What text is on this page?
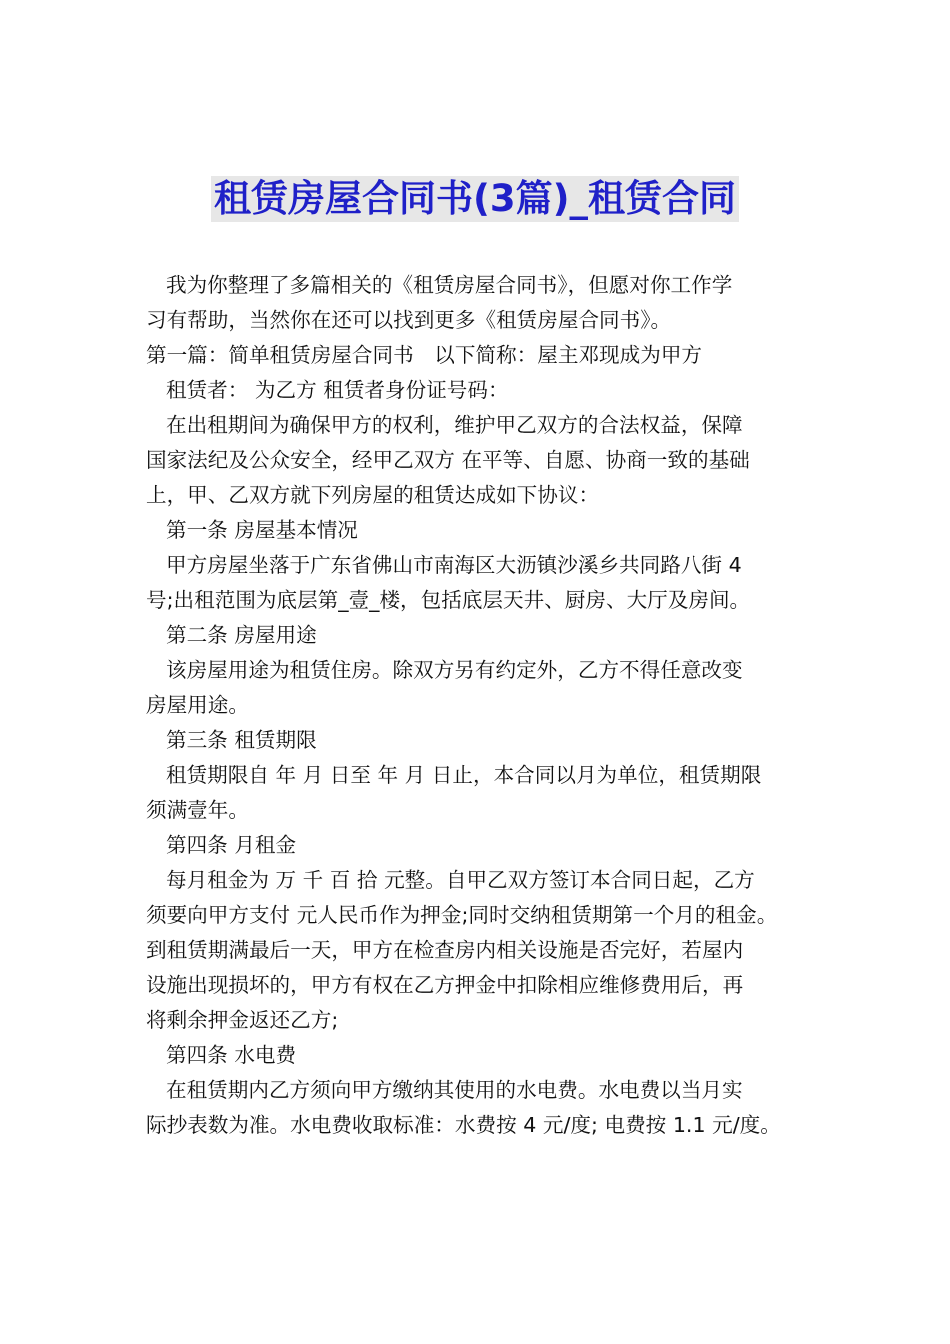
租赁房屋合同书(3篇)_租赁合同
我为你整理了多篇相关的《租赁房屋合同书》，但愿对你工作学
习有帮助，当然你在还可以找到更多《租赁房屋合同书》。
第一篇：简单租赁房屋合同书　以下简称：屋主邓现成为甲方
租赁者： 为乙方 租赁者身份证号码：
在出租期间为确保甲方的权利，维护甲乙双方的合法权益，保障
国家法纪及公众安全，经甲乙双方 在平等、自愿、协商一致的基础
上，甲、乙双方就下列房屋的租赁达成如下协议：
第一条 房屋基本情况
甲方房屋坐落于广东省佛山市南海区大沥镇沙溪乡共同路八街 4
号;出租范围为底层第_壹_楼，包括底层天井、厨房、大厅及房间。
第二条 房屋用途
该房屋用途为租赁住房。除双方另有约定外，乙方不得任意改变
房屋用途。
第三条 租赁期限
租赁期限自 年 月 日至 年 月 日止，本合同以月为单位，租赁期限
须满壹年。
第四条 月租金
每月租金为 万 千 百 拾 元整。自甲乙双方签订本合同日起，乙方
须要向甲方支付 元人民币作为押金;同时交纳租赁期第一个月的租金。
到租赁期满最后一天，甲方在检查房内相关设施是否完好，若屋内
设施出现损坏的，甲方有权在乙方押金中扣除相应维修费用后，再
将剩余押金返还乙方;
第四条 水电费
在租赁期内乙方须向甲方缴纳其使用的水电费。水电费以当月实
际抄表数为准。水电费收取标准：水费按 4 元/度; 电费按 1.1 元/度。
